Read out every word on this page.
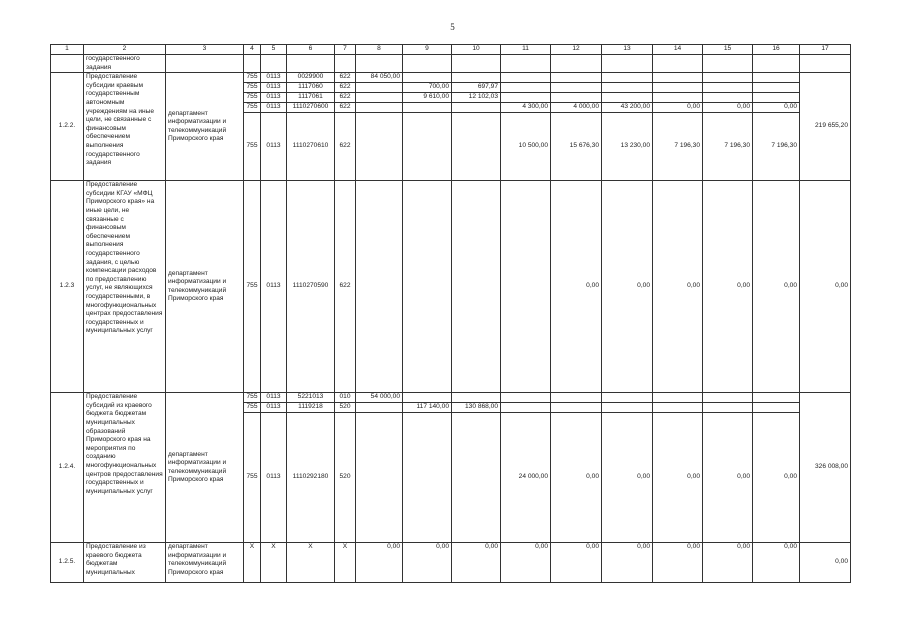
5
1	2	3	4	5	6	7	8	9	10	11	12	13	14	15	16	17
	государственного задания															
1.2.2.	Предоставление субсидии краевым государственным автономным учреждениям на иные цели, не связанные с финансовым обеспечением выполнения государственного задания	департамент информатизации и телекоммуникаций Приморского края	755	0113	0029900	622	84 050,00									219 655,20
			755	0113	1117060	622		700,00	697,97							
			755	0113	1117061	622		9 610,00	12 102,03							
			755	0113	1110270600	622				4 300,00	4 000,00	43 200,00	0,00	0,00	0,00	
			755	0113	1110270610	622				10 500,00	15 676,30	13 230,00	7 196,30	7 196,30	7 196,30	
1.2.3	Предоставление субсидии КГАУ «МФЦ Приморского края» на иные цели, не связанные с финансовым обеспечением выполнения государственного задания, с целью компенсации расходов по предоставлению услуг, не являющихся государственными, в многофункциональных центрах предоставления государственных и муниципальных услуг	департамент информатизации и телекоммуникаций Приморского края	755	0113	1110270590	622					0,00	0,00	0,00	0,00	0,00	0,00
1.2.4.	Предоставление субсидий из краевого бюджета бюджетам муниципальных образований Приморского края на мероприятия по созданию многофункциональных центров предоставления государственных и муниципальных услуг	департамент информатизации и телекоммуникаций Приморского края	755	0113	5221013	010	54 000,00									326 008,00
			755	0113	1119218	520		117 140,00	130 868,00							
			755	0113	1110292180	520				24 000,00	0,00	0,00	0,00	0,00	0,00	
1.2.5.	Предоставление из краевого бюджета бюджетам муниципальных	департамент информатизации и телекоммуникаций Приморского края	Х	Х	Х	Х	0,00	0,00	0,00	0,00	0,00	0,00	0,00	0,00	0,00	0,00
